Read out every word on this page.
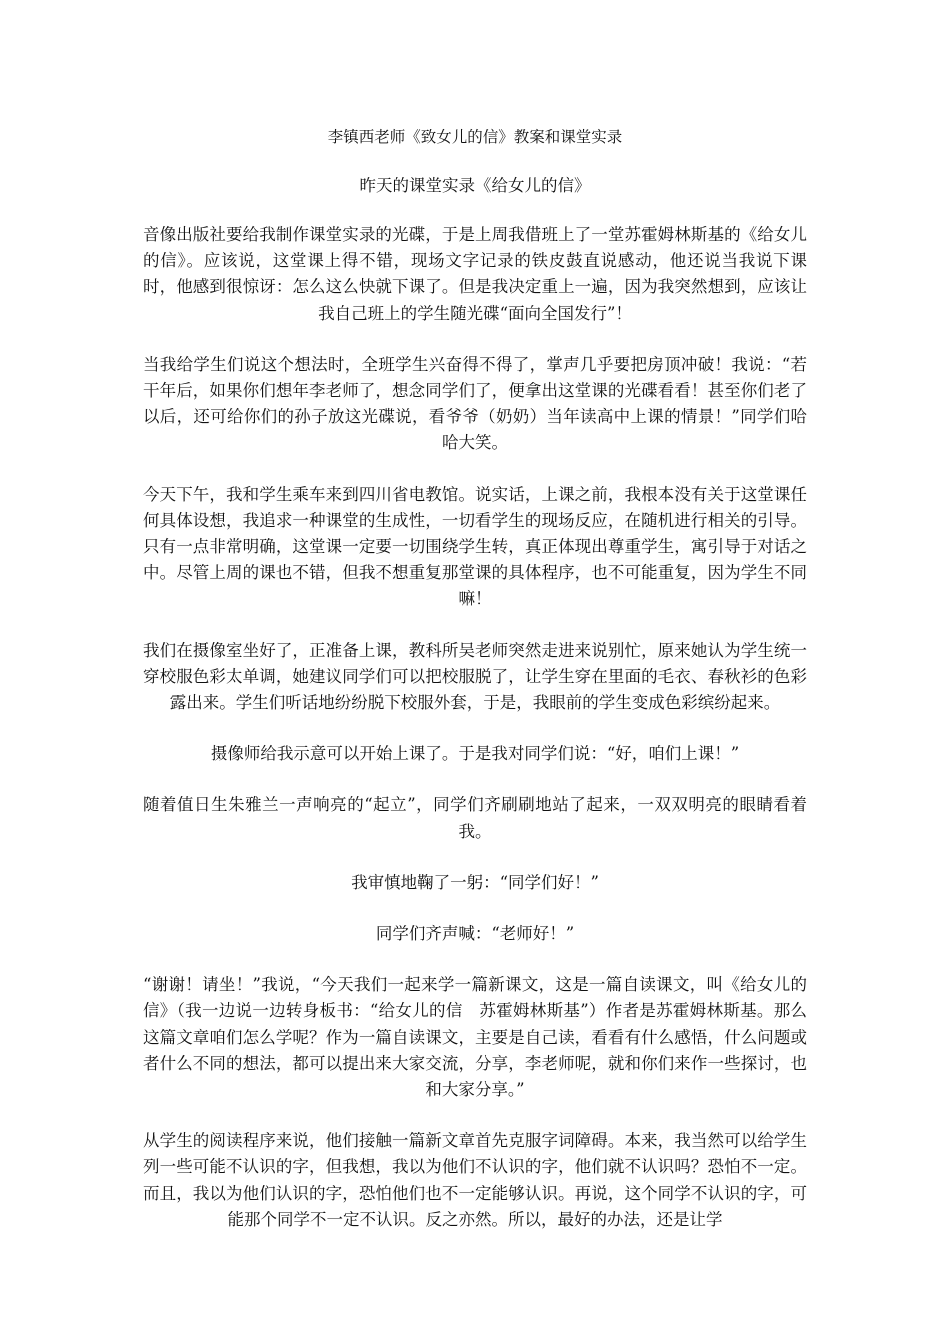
李镇西老师《致女儿的信》教案和课堂实录
昨天的课堂实录《给女儿的信》

音像出版社要给我制作课堂实录的光碟，于是上周我借班上了一堂苏霍姆林斯基的《给女儿的信》。应该说，这堂课上得不错，现场文字记录的铁皮鼓直说感动，他还说当我说下课时，他感到很惊讶：怎么这么快就下课了。但是我决定重上一遍，因为我突然想到，应该让我自己班上的学生随光碟“面向全国发行”！

当我给学生们说这个想法时，全班学生兴奋得不得了，掌声几乎要把房顶冲破！我说：“若干年后，如果你们想年李老师了，想念同学们了，便拿出这堂课的光碟看看！甚至你们老了以后，还可给你们的孙子放这光碟说，看爷爷（奶奶）当年读高中上课的情景！”同学们哈哈大笑。

今天下午，我和学生乘车来到四川省电教馆。说实话，上课之前，我根本没有关于这堂课任何具体设想，我追求一种课堂的生成性，一切看学生的现场反应，在随机进行相关的引导。只有一点非常明确，这堂课一定要一切围绕学生转，真正体现出尊重学生，寓引导于对话之中。尽管上周的课也不错，但我不想重复那堂课的具体程序，也不可能重复，因为学生不同嘛！

我们在摄像室坐好了，正准备上课，教科所吴老师突然走进来说别忙，原来她认为学生统一穿校服色彩太单调，她建议同学们可以把校服脱了，让学生穿在里面的毛衣、春秋衫的色彩露出来。学生们听话地纷纷脱下校服外套，于是，我眼前的学生变成色彩缤纷起来。

摄像师给我示意可以开始上课了。于是我对同学们说：“好，咱们上课！”

随着值日生朱雅兰一声响亮的“起立”，同学们齐刷刷地站了起来，一双双明亮的眼睛看着我。

我审慎地鞠了一躬：“同学们好！”

同学们齐声喊：“老师好！”

“谢谢！请坐！”我说，“今天我们一起来学一篇新课文，这是一篇自读课文，叫《给女儿的信》（我一边说一边转身板书：“给女儿的信　苏霍姆林斯基”）作者是苏霍姆林斯基。那么这篇文章咱们怎么学呢？作为一篇自读课文，主要是自己读，看看有什么感悟，什么问题或者什么不同的想法，都可以提出来大家交流，分享，李老师呢，就和你们来作一些探讨，也和大家分享。”

从学生的阅读程序来说，他们接触一篇新文章首先克服字词障碍。本来，我当然可以给学生列一些可能不认识的字，但我想，我以为他们不认识的字，他们就不认识吗？恐怕不一定。而且，我以为他们认识的字，恐怕他们也不一定能够认识。再说，这个同学不认识的字，可能那个同学不一定不认识。反之亦然。所以，最好的办法，还是让学
